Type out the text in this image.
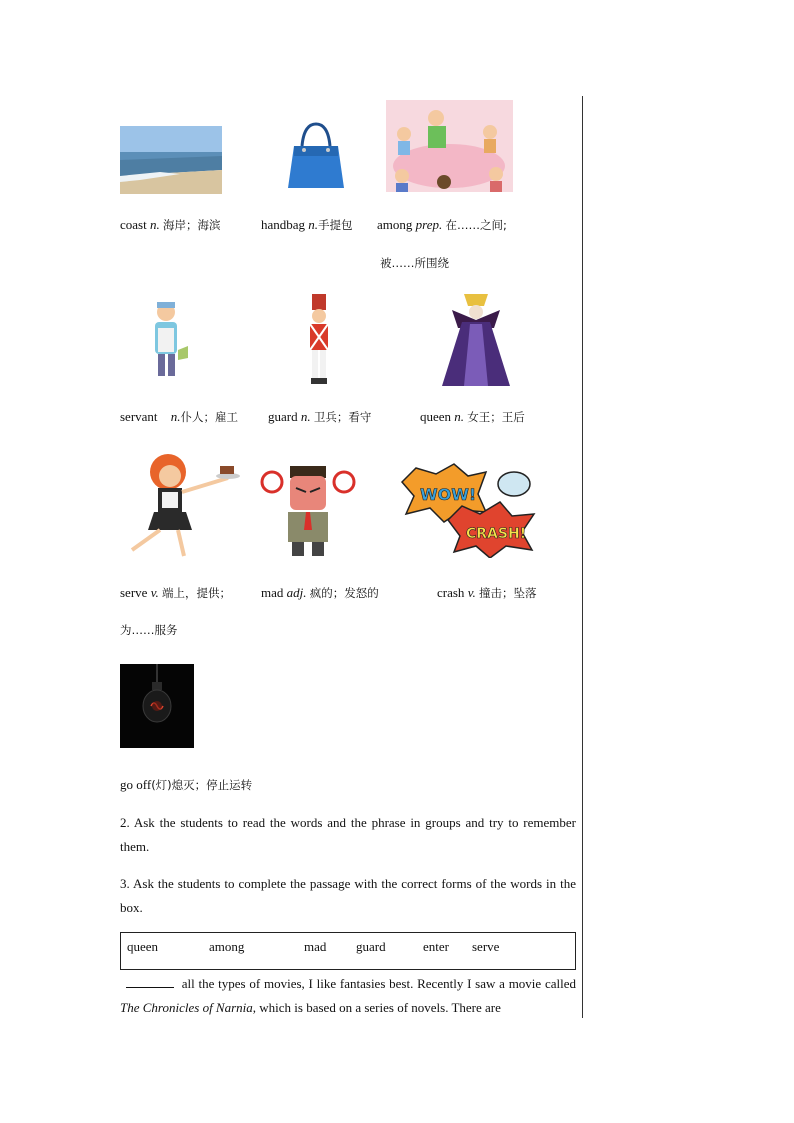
coast n. 海岸；海滨	handbag n.手提包 among prep. 在……之间;
被……所围绕
servant n.仆人；雇工 guard n. 卫兵；看守	queen n. 女王；王后
WOW!
CRASH!
serve v. 端上，提供； mad adj. 疯的；发怒的	crash v. 撞击；坠落
为……服务
go off(灯)熄灭；停止运转
2. Ask the students to read the words and the phrase in groups and try to remember them.
3. Ask the students to complete the passage with the correct forms of the words in the box.
queen	among	mad guard	enter serve
all the types of movies, I like fantasies best. Recently I saw a movie called The Chronicles of Narnia, which is based on a series of novels. There are
